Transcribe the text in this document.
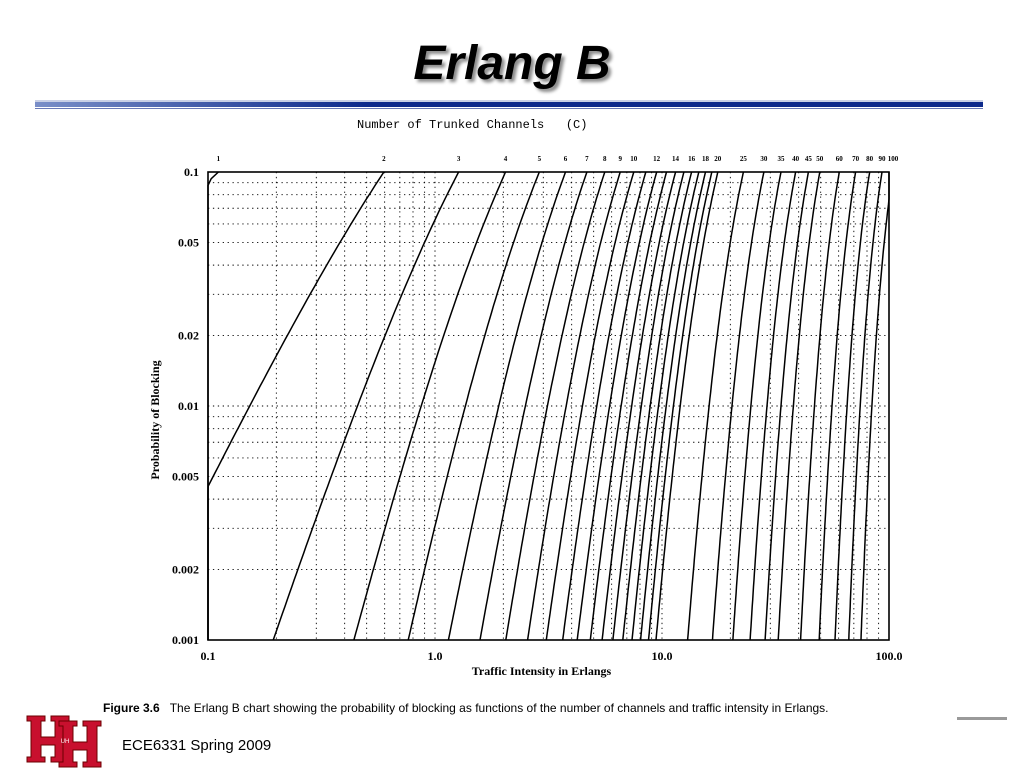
Erlang B
Number of Trunked Channels   (C)
1	2	3	4	5	6	7 8 9 10 12 14 16 18 20	25 30 35 40 45 50 60 70 80 90 100
0.1
0.05
0.02
0.01
0.005
0.002
0.001
0.1	1.0	10.0	100.0
Traffic Intensity in Erlangs
Probability of Blocking
Figure 3.6 The Erlang B chart showing the probability of blocking as functions of the number of channels and traffic intensity in Erlangs.
UH	ECE6331 Spring 2009
